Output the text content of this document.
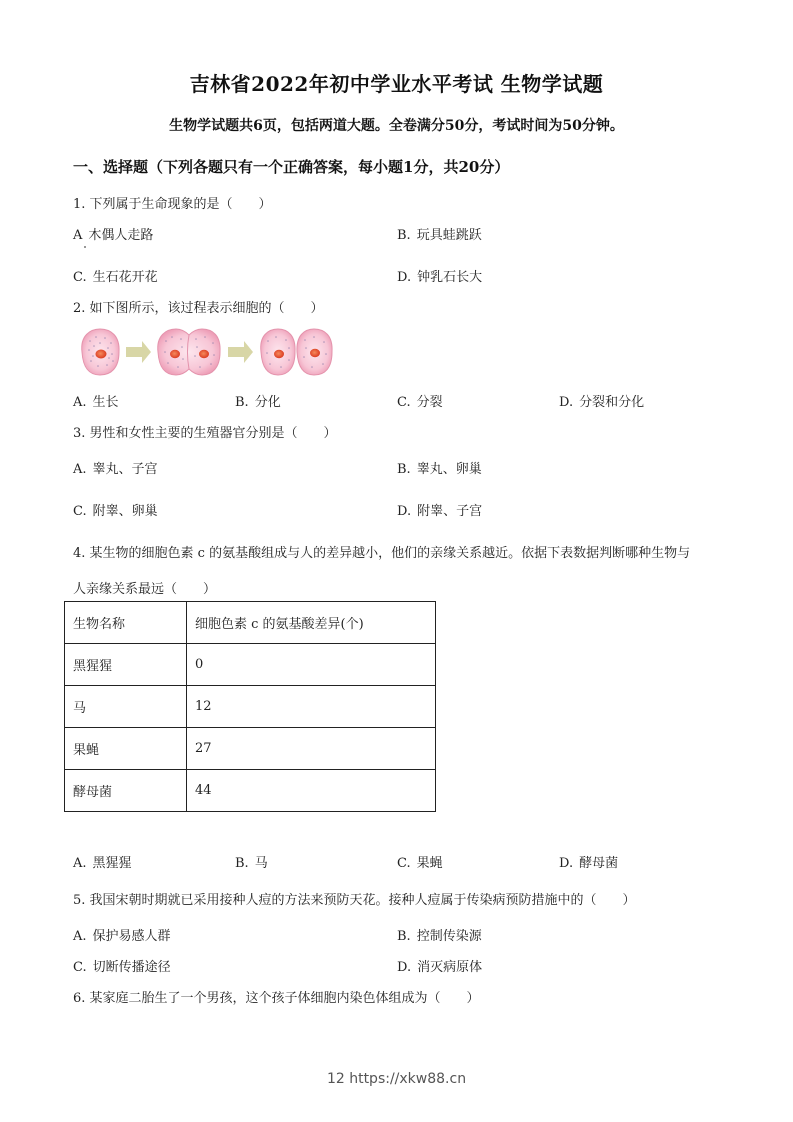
吉林省2022年初中学业水平考试 生物学试题
生物学试题共6页，包括两道大题。全卷满分50分，考试时间为50分钟。
一、选择题（下列各题只有一个正确答案，每小题1分，共20分）
1. 下列属于生命现象的是（　　）
A 木偶人走路	B. 玩具蛙跳跃
C. 生石花开花	D. 钟乳石长大
2. 如下图所示，该过程表示细胞的（　　）
A. 生长	B. 分化	C. 分裂	D. 分裂和分化
3. 男性和女性主要的生殖器官分别是（　　）
A. 睾丸、子宫	B. 睾丸、卵巢
C. 附睾、卵巢	D. 附睾、子宫
4. 某生物的细胞色素 c 的氨基酸组成与人的差异越小，他们的亲缘关系越近。依据下表数据判断哪种生物与
人亲缘关系最远（　　）
生物名称	细胞色素 c 的氨基酸差异(个)
黑猩猩	0
马	12
果蝇	27
酵母菌	44
A. 黑猩猩	B. 马	C. 果蝇	D. 酵母菌
5. 我国宋朝时期就已采用接种人痘的方法来预防天花。接种人痘属于传染病预防措施中的（　　）
A. 保护易感人群	B. 控制传染源
C. 切断传播途径	D. 消灭病原体
6. 某家庭二胎生了一个男孩，这个孩子体细胞内染色体组成为（　　）
12 https://xkw88.cn
